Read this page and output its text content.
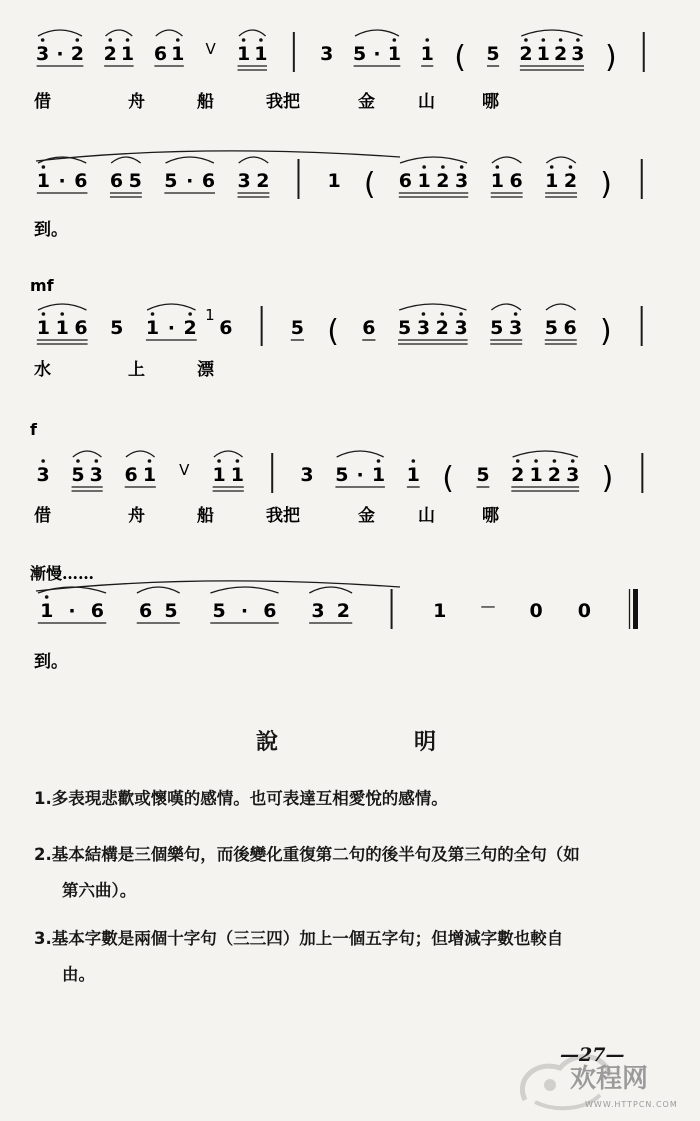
3 · 2 2 1 6 1 V 1 1	3 5 · 1 1 ( 5 2 1 2 3 )
借	舟	船	我把	金	山	哪
1 · 6 6 5 5 · 6 3 2	1 ( 6 1 2 3 1 6 1 2 )
到。
mf
1 1 6 5 1 · 2 6
1
5 ( 6 5 3 2 3 5 3 5 6 )
水	上	漂
f
3 5 3 6 1 V 1 1	3 5 · 1 1 ( 5 2 1 2 3 )
借	舟	船	我把	金	山	哪
漸慢……
1 · 6 6 5 5 · 6 3 2	1 — 0 0
到。
說	明
1.多表現悲歡或懷嘆的感情。也可表達互相愛悅的感情。
2.基本結構是三個樂句，而後變化重復第二句的後半句及第三句的全句（如
第六曲）。
3.基本字數是兩個十字句（三三四）加上一個五字句；但增減字數也較自
由。
欢程网
WWW.HTTPCN.COM
—27—
